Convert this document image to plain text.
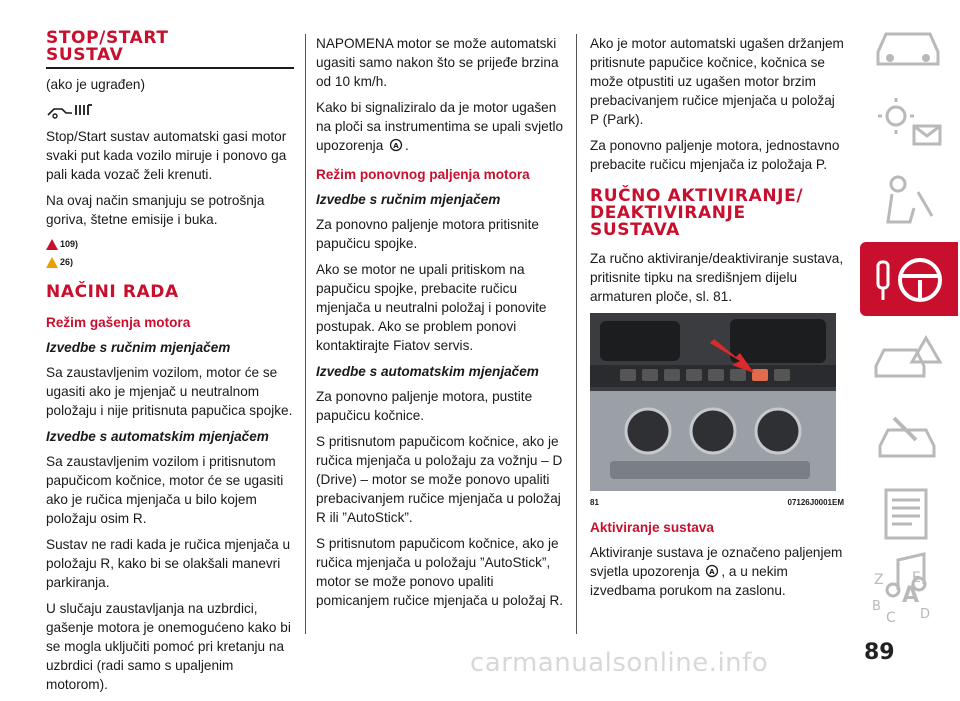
STOP/START
SUSTAV

(ako je ugrađen)

Stop/Start sustav automatski gasi motor svaki put kada vozilo miruje i ponovo ga pali kada vozač želi krenuti.

Na ovaj način smanjuju se potrošnja goriva, štetne emisije i buka.

109)
26)
NAČINI RADA
Režim gašenja motora
Izvedbe s ručnim mjenjačem

Sa zaustavljenim vozilom, motor će se ugasiti ako je mjenjač u neutralnom položaju i nije pritisnuta papučica spojke.

Izvedbe s automatskim mjenjačem

Sa zaustavljenim vozilom i pritisnutom papučicom kočnice, motor će se ugasiti ako je ručica mjenjača u bilo kojem položaju osim R.

Sustav ne radi kada je ručica mjenjača u položaju R, kako bi se olakšali manevri parkiranja.

U slučaju zaustavljanja na uzbrdici, gašenje motora je onemogućeno kako bi se mogla uključiti pomoć pri kretanju na uzbrdici (radi samo s upaljenim motorom).

NAPOMENA motor se može automatski ugasiti samo nakon što se prijeđe brzina od 10 km/h.

Kako bi signaliziralo da je motor ugašen na ploči sa instrumentima se upali svjetlo upozorenja A .

Režim ponovnog paljenja motora
Izvedbe s ručnim mjenjačem

Za ponovno paljenje motora pritisnite papučicu spojke.

Ako se motor ne upali pritiskom na papučicu spojke, prebacite ručicu mjenjača u neutralni položaj i ponovite postupak. Ako se problem ponovi kontaktirajte Fiatov servis.

Izvedbe s automatskim mjenjačem

Za ponovno paljenje motora, pustite papučicu kočnice.

S pritisnutom papučicom kočnice, ako je ručica mjenjača u položaju za vožnju – D (Drive) – motor se može ponovo upaliti prebacivanjem ručice mjenjača u položaj R ili ”AutoStick”.

S pritisnutom papučicom kočnice, ako je ručica mjenjača u položaju ”AutoStick”, motor se može ponovo upaliti pomicanjem ručice mjenjača u položaj R.

Ako je motor automatski ugašen držanjem pritisnute papučice kočnice, kočnica se može otpustiti uz ugašen motor brzim prebacivanjem ručice mjenjača u položaj P (Park).

Za ponovno paljenje motora, jednostavno prebacite ručicu mjenjača iz položaja P.

RUČNO AKTIVIRANJE/
DEAKTIVIRANJE
SUSTAVA

Za ručno aktiviranje/deaktiviranje sustava, pritisnite tipku na središnjem dijelu armaturen ploče, sl. 81.

81	07126J0001EM
Aktiviranje sustava

Aktiviranje sustava je označeno paljenjem svjetla upozorenja A , a u nekim izvedbama porukom na zaslonu.

Z E
A
B
C D
89
carmanualsonline.info
